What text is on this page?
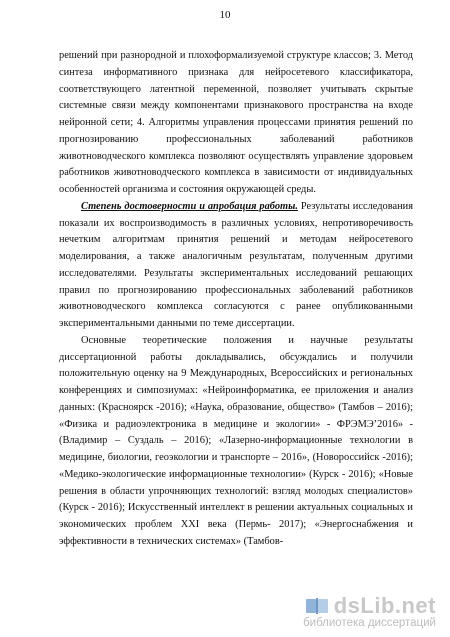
10

решений при разнородной и плохоформализуемой структуре классов; 3. Метод синтеза информативного признака для нейросетевого классификатора, соответствующего латентной переменной, позволяет учитывать скрытые системные связи между компонентами признакового пространства на входе нейронной сети; 4. Алгоритмы управления процессами принятия решений по прогнозированию профессиональных заболеваний работников животноводческого комплекса позволяют осуществлять управление здоровьем работников животноводческого комплекса в зависимости от индивидуальных особенностей организма и состояния окружающей среды.

Степень достоверности и апробация работы. Результаты исследования показали их воспроизводимость в различных условиях, непротиворечивость нечетким алгоритмам принятия решений и методам нейросетевого моделирования, а также аналогичным результатам, полученным другими исследователями. Результаты экспериментальных исследований решающих правил по прогнозированию профессиональных заболеваний работников животноводческого комплекса согласуются с ранее опубликованными экспериментальными данными по теме диссертации.

Основные теоретические положения и научные результаты диссертационной работы докладывались, обсуждались и получили положительную оценку на 9 Международных, Всероссийских и региональных конференциях и симпозиумах: «Нейроинформатика, ее приложения и анализ данных: (Красноярск -2016); «Наука, образование, общество» (Тамбов – 2016); «Физика и радиоэлектроника в медицине и экологии» - ФРЭМЭ’2016» - (Владимир – Суздаль – 2016); «Лазерно-информационные технологии в медицине, биологии, геоэкологии и транспорте – 2016», (Новороссийск -2016); «Медико-экологические информационные технологии» (Курск - 2016); «Новые решения в области упрочняющих технологий: взгляд молодых специалистов» (Курск - 2016); Искусственный интеллект в решении актуальных социальных и экономических проблем XXI века (Пермь- 2017); «Энергоснабжения и эффективности в технических системах» (Тамбов-

dsLib.net
библиотека диссертаций
